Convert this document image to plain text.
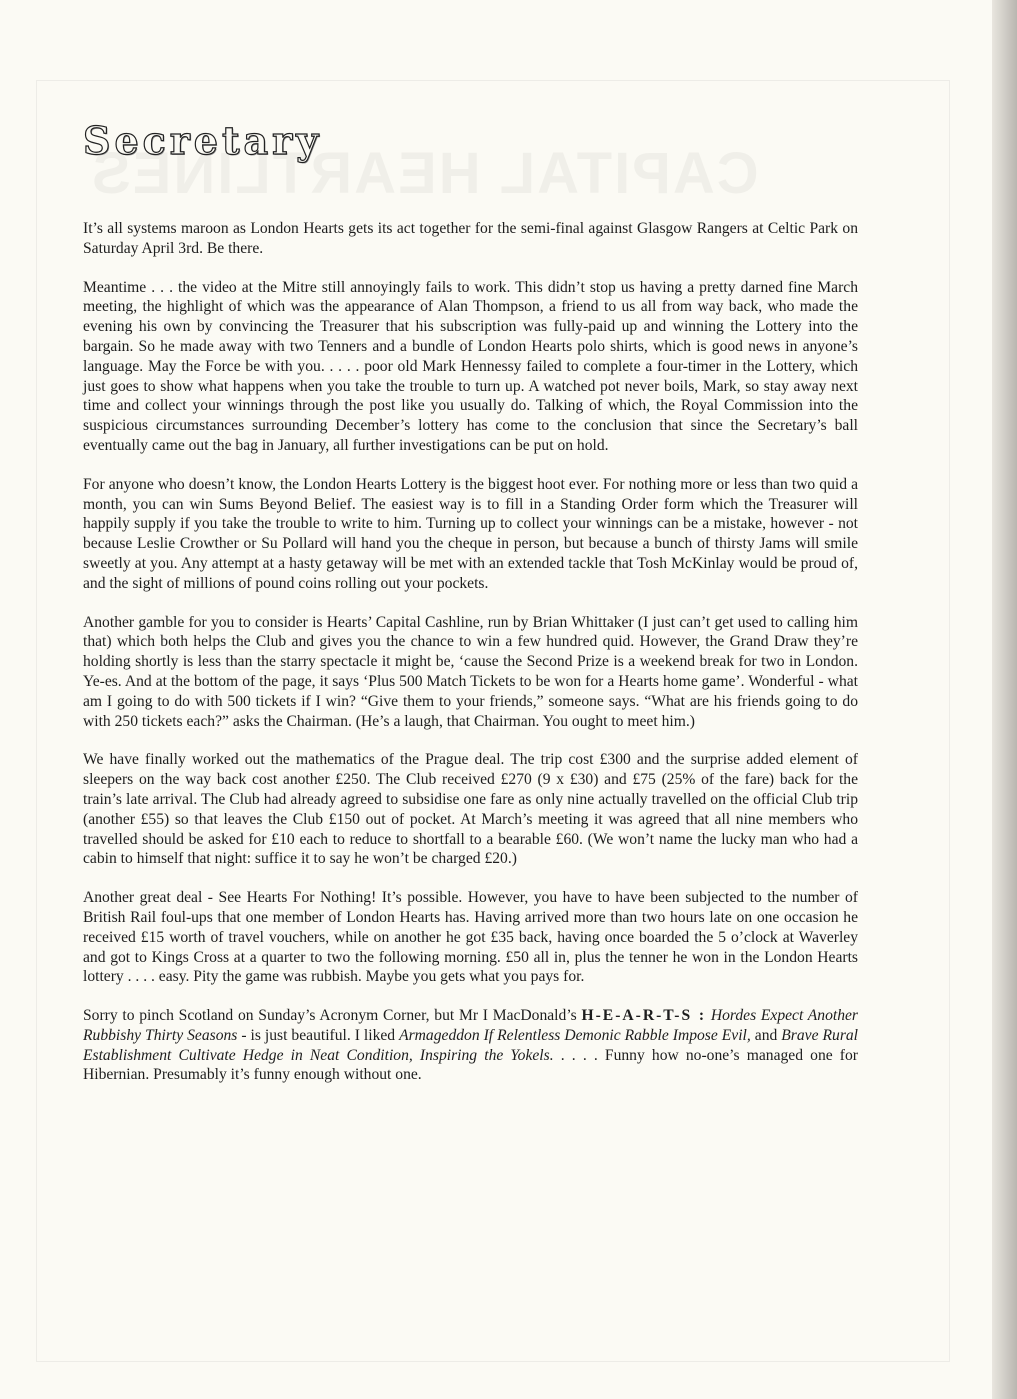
Secretary

It’s all systems maroon as London Hearts gets its act together for the semi-final against Glasgow Rangers at Celtic Park on Saturday April 3rd. Be there.

Meantime . . . the video at the Mitre still annoyingly fails to work. This didn’t stop us having a pretty darned fine March meeting, the highlight of which was the appearance of Alan Thompson, a friend to us all from way back, who made the evening his own by convincing the Treasurer that his subscription was fully-paid up and winning the Lottery into the bargain. So he made away with two Tenners and a bundle of London Hearts polo shirts, which is good news in anyone’s language. May the Force be with you. . . . . poor old Mark Hennessy failed to complete a four-timer in the Lottery, which just goes to show what happens when you take the trouble to turn up. A watched pot never boils, Mark, so stay away next time and collect your winnings through the post like you usually do. Talking of which, the Royal Commission into the suspicious circumstances surrounding December’s lottery has come to the conclusion that since the Secretary’s ball eventually came out the bag in January, all further investigations can be put on hold.

For anyone who doesn’t know, the London Hearts Lottery is the biggest hoot ever. For nothing more or less than two quid a month, you can win Sums Beyond Belief. The easiest way is to fill in a Standing Order form which the Treasurer will happily supply if you take the trouble to write to him. Turning up to collect your winnings can be a mistake, however - not because Leslie Crowther or Su Pollard will hand you the cheque in person, but because a bunch of thirsty Jams will smile sweetly at you. Any attempt at a hasty getaway will be met with an extended tackle that Tosh McKinlay would be proud of, and the sight of millions of pound coins rolling out your pockets.

Another gamble for you to consider is Hearts’ Capital Cashline, run by Brian Whittaker (I just can’t get used to calling him that) which both helps the Club and gives you the chance to win a few hundred quid. However, the Grand Draw they’re holding shortly is less than the starry spectacle it might be, ‘cause the Second Prize is a weekend break for two in London. Ye-es. And at the bottom of the page, it says ‘Plus 500 Match Tickets to be won for a Hearts home game’. Wonderful - what am I going to do with 500 tickets if I win? “Give them to your friends,” someone says. “What are his friends going to do with 250 tickets each?” asks the Chairman. (He’s a laugh, that Chairman. You ought to meet him.)

We have finally worked out the mathematics of the Prague deal. The trip cost £300 and the surprise added element of sleepers on the way back cost another £250. The Club received £270 (9 x £30) and £75 (25% of the fare) back for the train’s late arrival. The Club had already agreed to subsidise one fare as only nine actually travelled on the official Club trip (another £55) so that leaves the Club £150 out of pocket. At March’s meeting it was agreed that all nine members who travelled should be asked for £10 each to reduce to shortfall to a bearable £60. (We won’t name the lucky man who had a cabin to himself that night: suffice it to say he won’t be charged £20.)

Another great deal - See Hearts For Nothing! It’s possible. However, you have to have been subjected to the number of British Rail foul-ups that one member of London Hearts has. Having arrived more than two hours late on one occasion he received £15 worth of travel vouchers, while on another he got £35 back, having once boarded the 5 o’clock at Waverley and got to Kings Cross at a quarter to two the following morning. £50 all in, plus the tenner he won in the London Hearts lottery . . . . easy. Pity the game was rubbish. Maybe you gets what you pays for.

Sorry to pinch Scotland on Sunday’s Acronym Corner, but Mr I MacDonald’s H-E-A-R-T-S : Hordes Expect Another Rubbishy Thirty Seasons - is just beautiful. I liked Armageddon If Relentless Demonic Rabble Impose Evil, and Brave Rural Establishment Cultivate Hedge in Neat Condition, Inspiring the Yokels. . . . . Funny how no-one’s managed one for Hibernian. Presumably it’s funny enough without one.
